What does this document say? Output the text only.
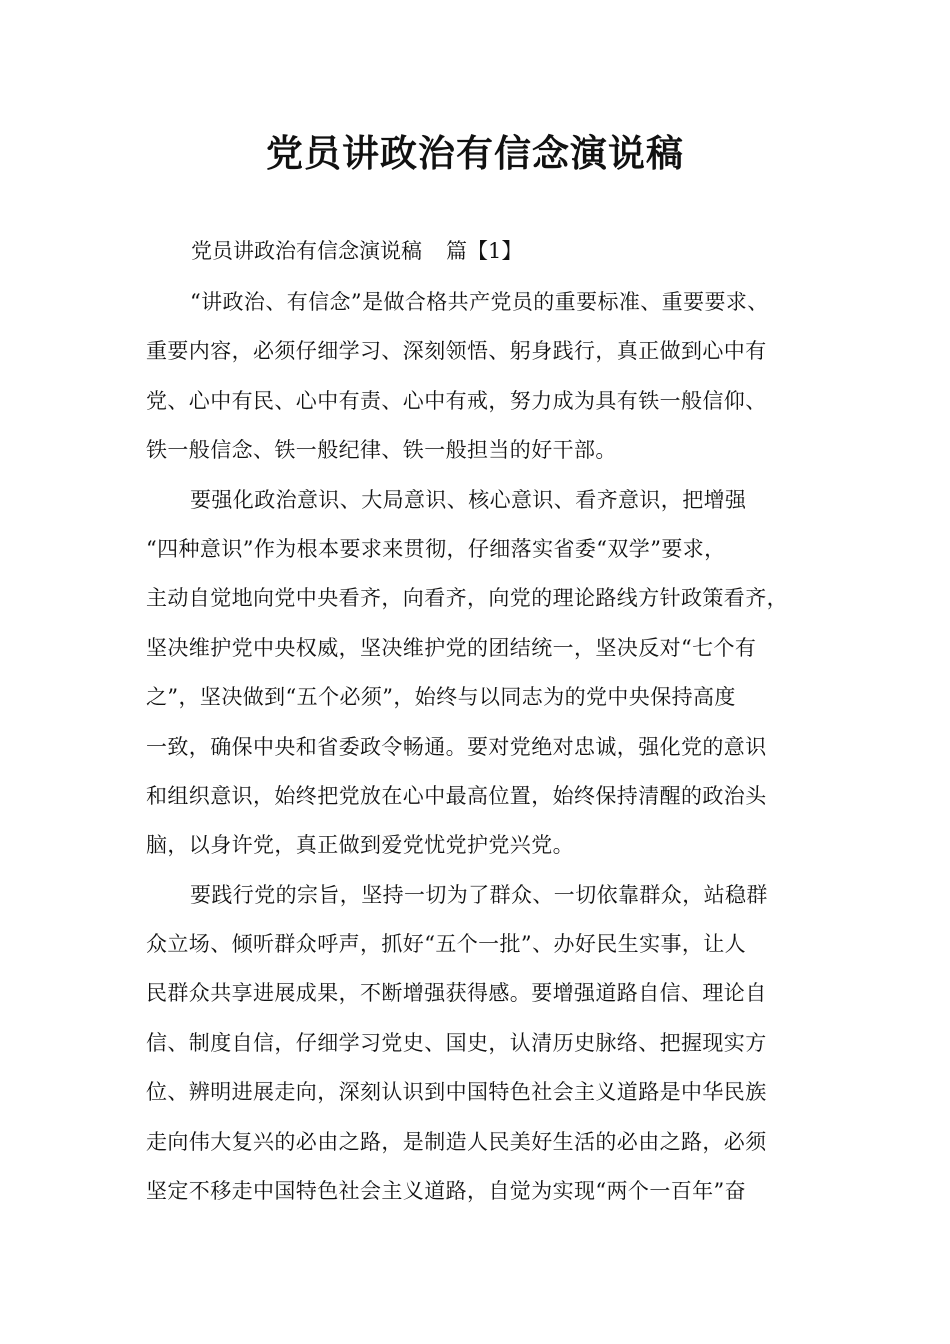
党员讲政治有信念演说稿
党员讲政治有信念演说稿 篇【1】
“讲政治、有信念”是做合格共产党员的重要标准、重要要求、
重要内容，必须仔细学习、深刻领悟、躬身践行，真正做到心中有
党、心中有民、心中有责、心中有戒，努力成为具有铁一般信仰、
铁一般信念、铁一般纪律、铁一般担当的好干部。
要强化政治意识、大局意识、核心意识、看齐意识，把增强
“四种意识”作为根本要求来贯彻，仔细落实省委“双学”要求，
主动自觉地向党中央看齐，向看齐，向党的理论路线方针政策看齐，
坚决维护党中央权威，坚决维护党的团结统一，坚决反对“七个有
之”，坚决做到“五个必须”，始终与以同志为的党中央保持高度
一致，确保中央和省委政令畅通。要对党绝对忠诚，强化党的意识
和组织意识，始终把党放在心中最高位置，始终保持清醒的政治头
脑，以身许党，真正做到爱党忧党护党兴党。
要践行党的宗旨，坚持一切为了群众、一切依靠群众，站稳群
众立场、倾听群众呼声，抓好“五个一批”、办好民生实事，让人
民群众共享进展成果，不断增强获得感。要增强道路自信、理论自
信、制度自信，仔细学习党史、国史，认清历史脉络、把握现实方
位、辨明进展走向，深刻认识到中国特色社会主义道路是中华民族
走向伟大复兴的必由之路，是制造人民美好生活的必由之路，必须
坚定不移走中国特色社会主义道路，自觉为实现“两个一百年”奋
